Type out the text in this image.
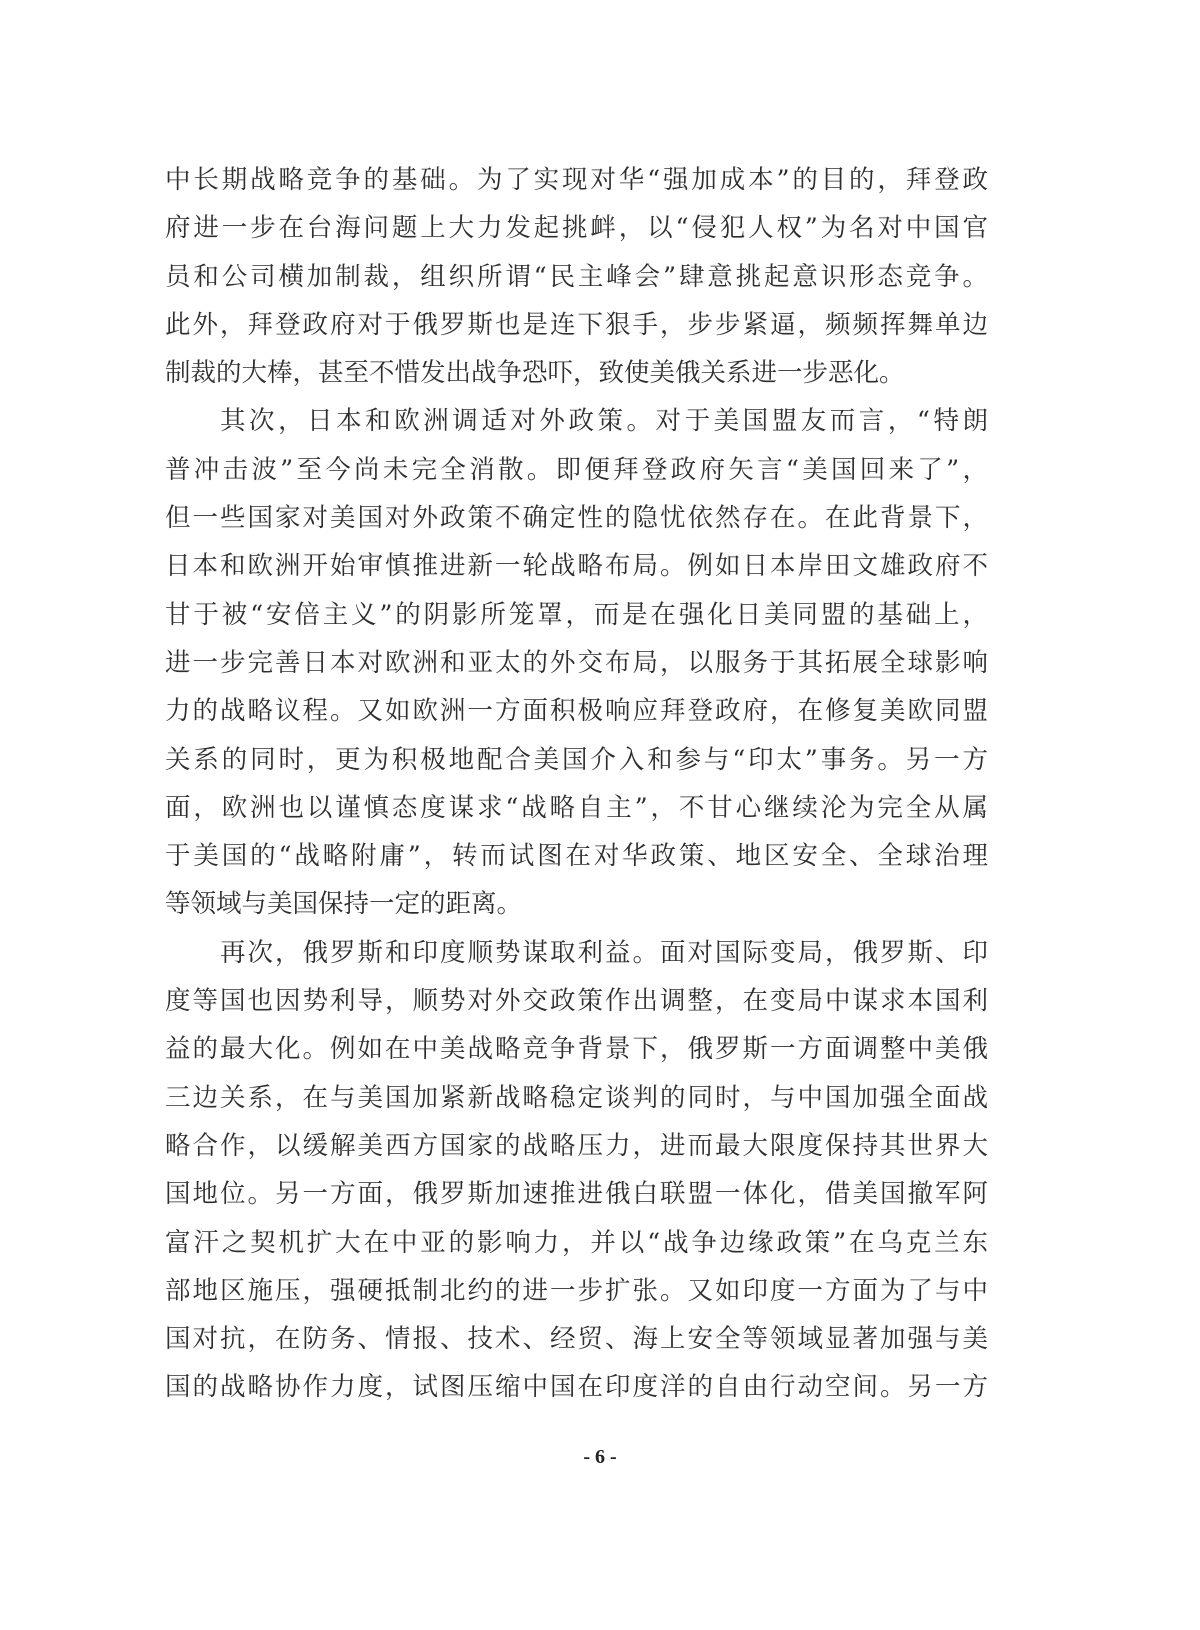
中长期战略竞争的基础。为了实现对华“强加成本”的目的，拜登政
府进一步在台海问题上大力发起挑衅，以“侵犯人权”为名对中国官
员和公司横加制裁，组织所谓“民主峰会”肆意挑起意识形态竞争。
此外，拜登政府对于俄罗斯也是连下狠手，步步紧逼，频频挥舞单边
制裁的大棒，甚至不惜发出战争恐吓，致使美俄关系进一步恶化。
其次，日本和欧洲调适对外政策。对于美国盟友而言，“特朗
普冲击波”至今尚未完全消散。即便拜登政府矢言“美国回来了”，
但一些国家对美国对外政策不确定性的隐忧依然存在。在此背景下，
日本和欧洲开始审慎推进新一轮战略布局。例如日本岸田文雄政府不
甘于被“安倍主义”的阴影所笼罩，而是在强化日美同盟的基础上，
进一步完善日本对欧洲和亚太的外交布局，以服务于其拓展全球影响
力的战略议程。又如欧洲一方面积极响应拜登政府，在修复美欧同盟
关系的同时，更为积极地配合美国介入和参与“印太”事务。另一方
面，欧洲也以谨慎态度谋求“战略自主”，不甘心继续沦为完全从属
于美国的“战略附庸”，转而试图在对华政策、地区安全、全球治理
等领域与美国保持一定的距离。
再次，俄罗斯和印度顺势谋取利益。面对国际变局，俄罗斯、印
度等国也因势利导，顺势对外交政策作出调整，在变局中谋求本国利
益的最大化。例如在中美战略竞争背景下，俄罗斯一方面调整中美俄
三边关系，在与美国加紧新战略稳定谈判的同时，与中国加强全面战
略合作，以缓解美西方国家的战略压力，进而最大限度保持其世界大
国地位。另一方面，俄罗斯加速推进俄白联盟一体化，借美国撤军阿
富汗之契机扩大在中亚的影响力，并以“战争边缘政策”在乌克兰东
部地区施压，强硬抵制北约的进一步扩张。又如印度一方面为了与中
国对抗，在防务、情报、技术、经贸、海上安全等领域显著加强与美
国的战略协作力度，试图压缩中国在印度洋的自由行动空间。另一方
- 6 -
